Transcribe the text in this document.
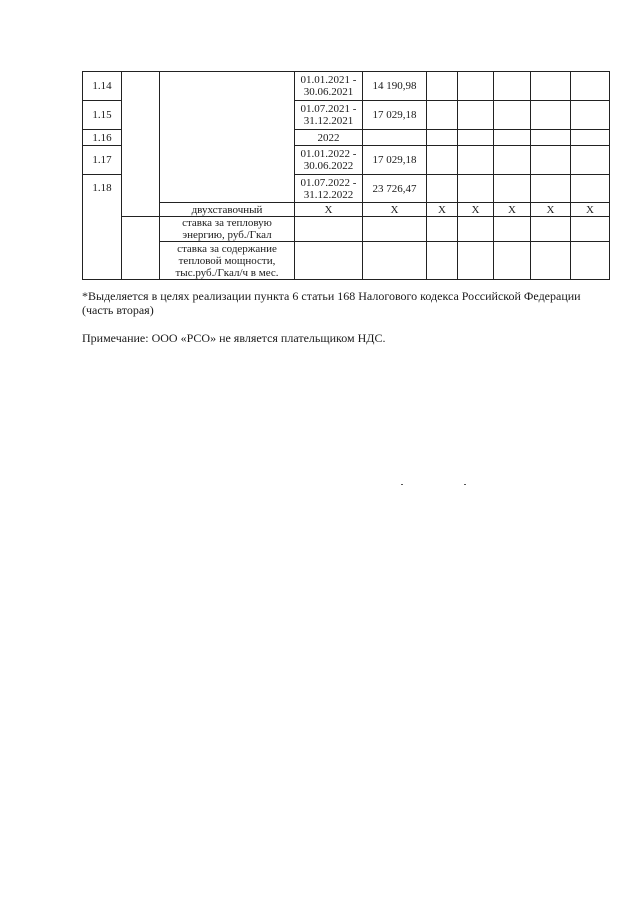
1.14			01.01.2021 -
30.06.2021	14 190,98					
1.15			01.07.2021 -
31.12.2021	17 029,18					
1.16			2022						
1.17			01.01.2022 -
30.06.2022	17 029,18					
1.18			01.07.2022 -
31.12.2022	23 726,47					
		двухставочный	X	X	X	X	X	X	X
		ставка за тепловую
энергию, руб./Гкал							
		ставка за содержание
тепловой мощности,
тыс.руб./Гкал/ч в мес.							
*Выделяется в целях реализации пункта 6 статьи 168 Налогового кодекса Российской Федерации (часть вторая)
Примечание: ООО «РСО» не является плательщиком НДС.
